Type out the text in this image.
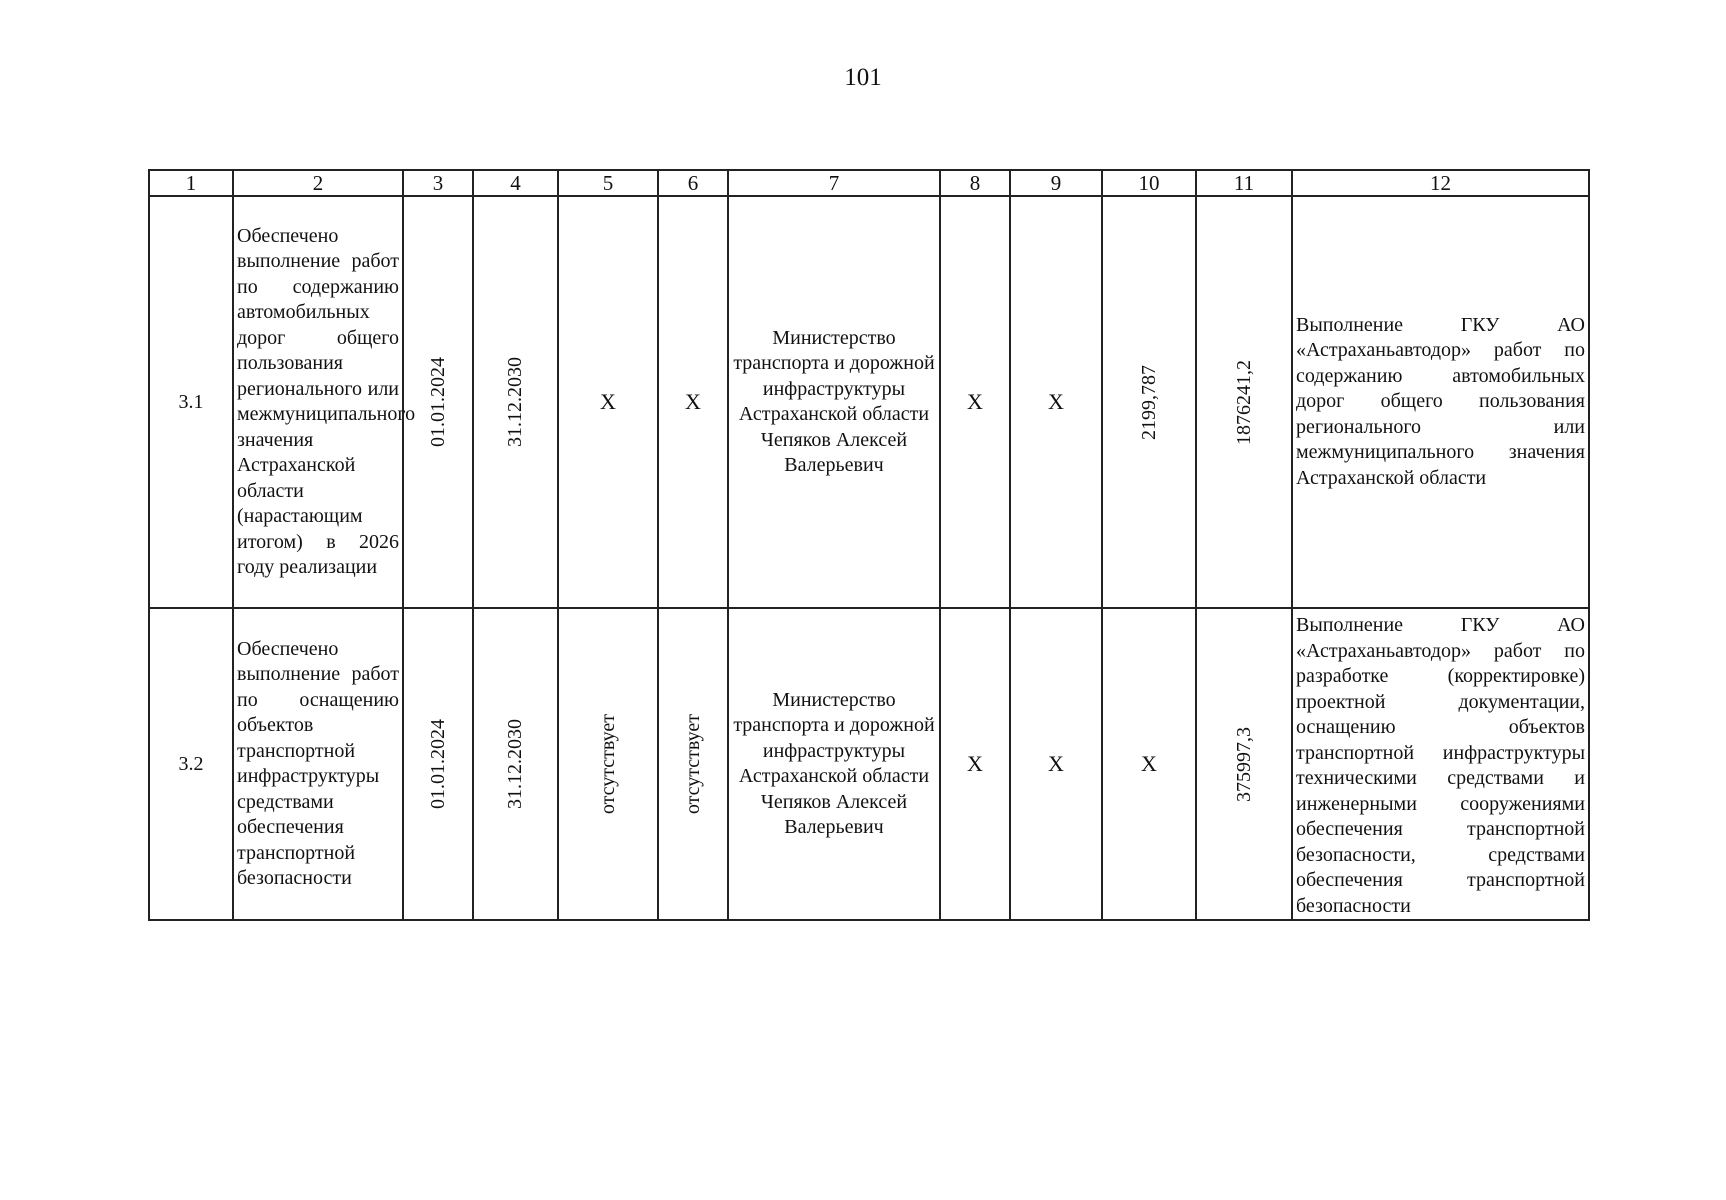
101
1	2	3	4	5	6	7	8	9	10	11	12
3.1	Обеспечено выполнение работ по содержанию автомобильных дорог общего пользования регионального или межмуниципального значения Астраханской области (нарастающим итогом) в 2026 году реализации	01.01.2024	31.12.2030	X	X	Министерство транспорта и дорожной инфраструктуры Астраханской области Чепяков Алексей Валерьевич	X	X	2199,787	1876241,2	Выполнение ГКУ АО «Астраханьавтодор» работ по содержанию автомобильных дорог общего пользования регионального или межмуниципального значения Астраханской области
3.2	Обеспечено выполнение работ по оснащению объектов транспортной инфраструктуры средствами обеспечения транспортной безопасности	01.01.2024	31.12.2030	отсутствует	отсутствует	Министерство транспорта и дорожной инфраструктуры Астраханской области Чепяков Алексей Валерьевич	X	X	X	375997,3	Выполнение ГКУ АО «Астраханьавтодор» работ по разработке (корректировке) проектной документации, оснащению объектов транспортной инфраструктуры техническими средствами и инженерными сооружениями обеспечения транспортной безопасности, средствами обеспечения транспортной безопасности
